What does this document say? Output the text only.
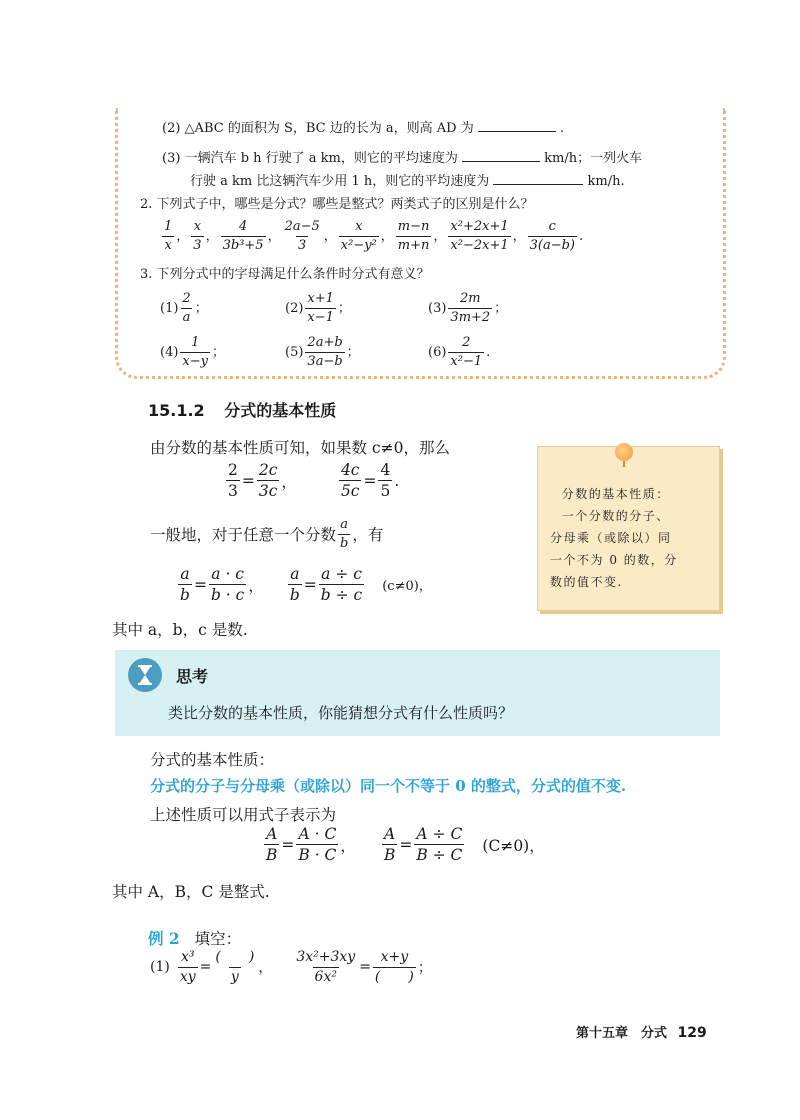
(2) △ABC 的面积为 S，BC 边的长为 a，则高 AD 为	.
(3) 一辆汽车 b h 行驶了 a km，则它的平均速度为	km/h；一列火车
行驶 a km 比这辆汽车少用 1 h，则它的平均速度为	km/h.
2. 下列式子中，哪些是分式？哪些是整式？两类式子的区别是什么？
$\frac{1}{x}$ ， $\frac{x}{3}$ ， $\frac{4}{\text{3b³+5}}$ ， $\frac{2a-5}{3}$ ， $\frac{x}{\text{x²−y²}}$ ， $\frac{m-n}{m+n}$ ， $\frac{\text{x²+2x+1}}{\text{x²−2x+1}}$ ， $\frac{c}{3(a-b)}$ .
3. 下列分式中的字母满足什么条件时分式有意义？
$(1) \frac{2}{a}$ ；	$(2) \frac{x+1}{x-1}$ ；	$(3) \frac{2m}{3m+2}$ ；
$(4) \frac{1}{x-y}$ ；	$(5) \frac{2a+b}{3a-b}$ ；	$(6) \frac{2}{\text{x²−1}}$ .
15.1.2 分式的基本性质
由分数的基本性质可知，如果数 c≠0，那么
$\frac{2}{3} = \frac{2c}{3c}$ ，	$\frac{4c}{5c} = \frac{4}{5}$ .
一般地，对于任意一个分数 $\frac{a}{b}$ ，有
$\frac{a}{b} = \frac{a \cdot c}{b \cdot c}$ ， $\frac{a}{b} = \frac{a \div c}{b \div c} (c\ne 0)$，
其中 a，b，c 是数.

分数的基本性质：

一个分数的分子、

分母乘（或除以）同

一个不为 0 的数，分

数的值不变.

思考
类比分数的基本性质，你能猜想分式有什么性质吗？
分式的基本性质：
分式的分子与分母乘（或除以）同一个不等于 0 的整式，分式的值不变.
上述性质可以用式子表示为
$\frac{A}{B} = \frac{A \cdot C}{B \cdot C}$ ， $\frac{A}{B} = \frac{A \div C}{B \div C} (C\ne 0)$，
其中 A，B，C 是整式.
例 2 填空：
$(1) \frac{\text{x³}}{xy} = \frac{( )}{y}$ ， $\frac{\text{3x²+3xy}}{\text{6x²}} = \frac{x+y}{( )}$ ；
第十五章　分式 129
